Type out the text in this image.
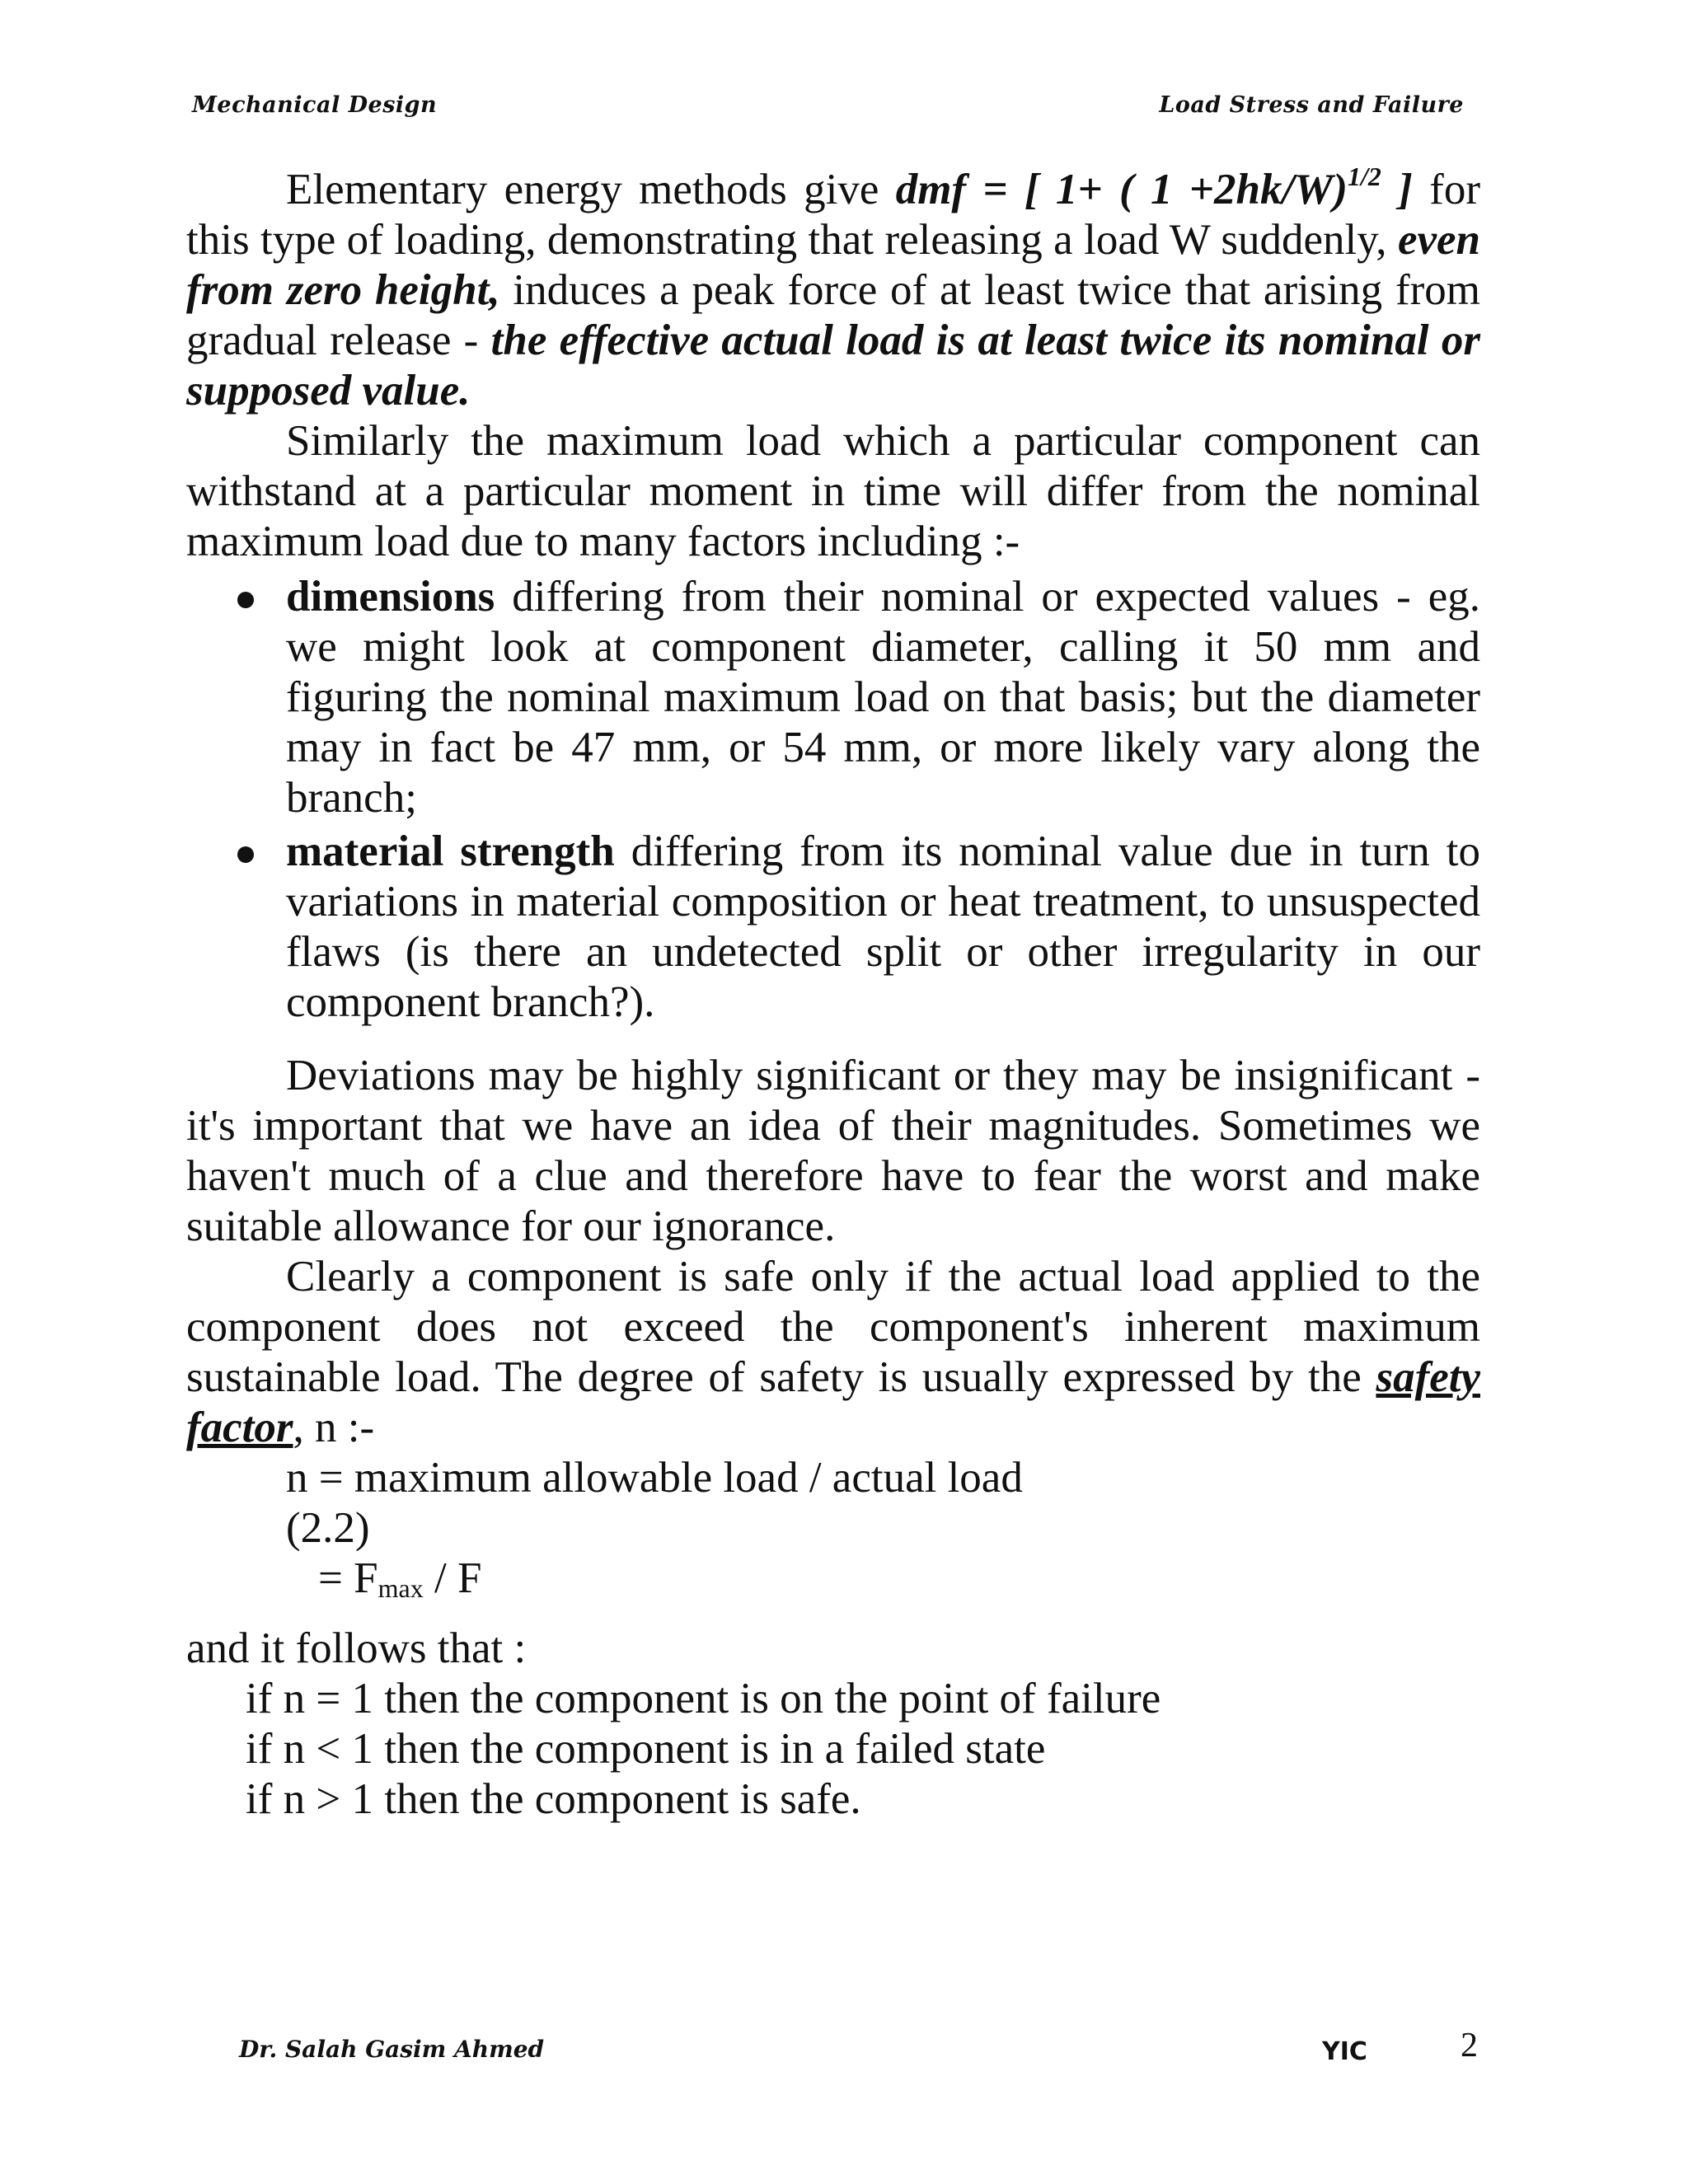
Mechanical Design	Load Stress and Failure

Elementary energy methods give dmf = [ 1+ ( 1 +2hk/W)$^{1/2}$ ] for this type of loading, demonstrating that releasing a load W suddenly, even from zero height, induces a peak force of at least twice that arising from gradual release - the effective actual load is at least twice its nominal or supposed value.

Similarly the maximum load which a particular component can withstand at a particular moment in time will differ from the nominal maximum load due to many factors including :-

dimensions differing from their nominal or expected values - eg. we might look at component diameter, calling it 50 mm and figuring the nominal maximum load on that basis; but the diameter may in fact be 47 mm, or 54 mm, or more likely vary along the branch;
material strength differing from its nominal value due in turn to variations in material composition or heat treatment, to unsuspected flaws (is there an undetected split or other irregularity in our component branch?).

Deviations may be highly significant or they may be insignificant - it's important that we have an idea of their magnitudes. Sometimes we haven't much of a clue and therefore have to fear the worst and make suitable allowance for our ignorance.

Clearly a component is safe only if the actual load applied to the component does not exceed the component's inherent maximum sustainable load. The degree of safety is usually expressed by the safety factor, n :-

n = maximum allowable load / actual load
(2.2)
= $F_{max}$ / F
and it follows that :
if n = 1 then the component is on the point of failure
if n < 1 then the component is in a failed state
if n > 1 then the component is safe.
Dr. Salah Gasim Ahmed	YIC	2
